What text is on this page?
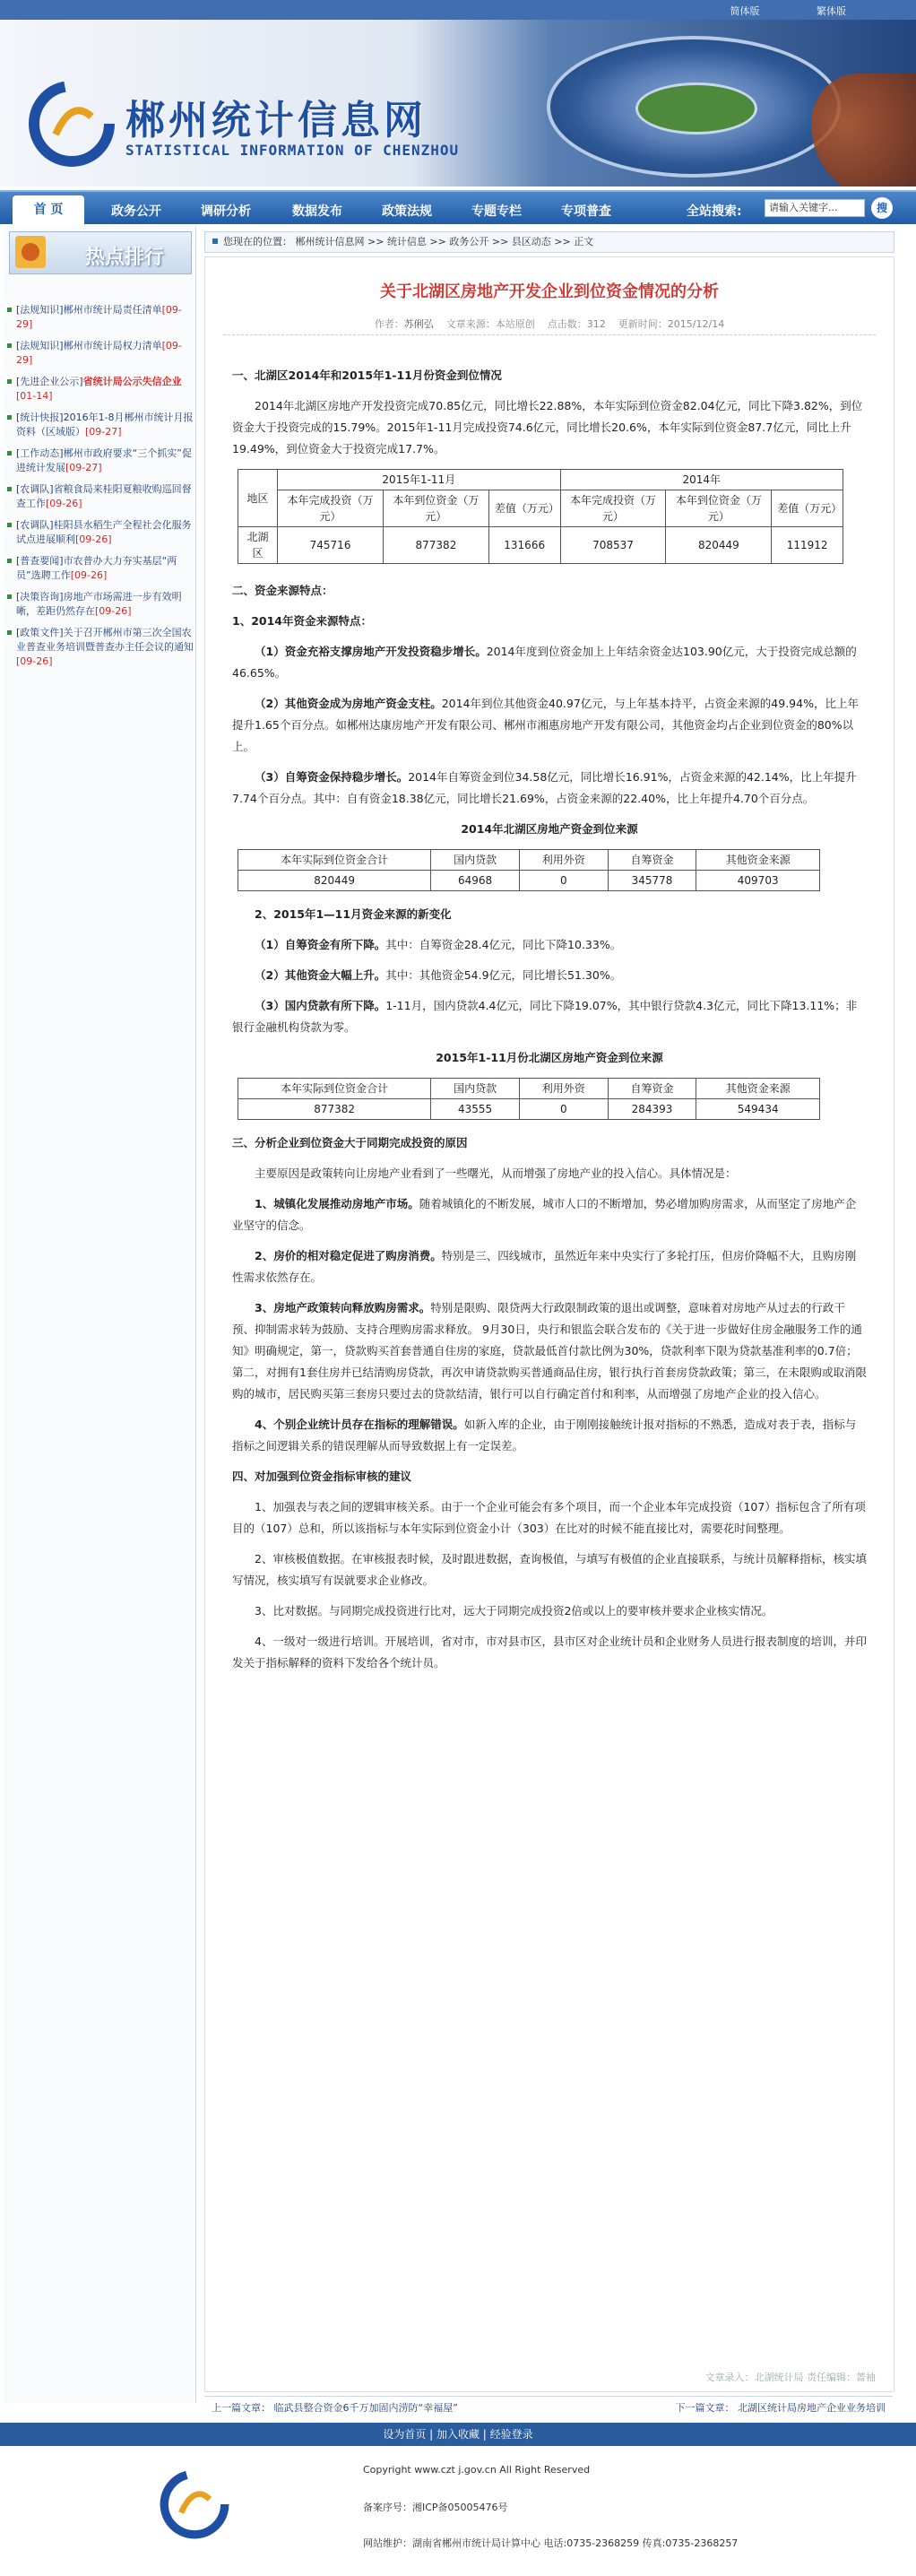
简体版	繁体版
郴州统计信息网
STATISTICAL INFORMATION OF CHENZHOU
首 页	政务公开	调研分析	数据发布	政策法规	专题专栏	专项普查	全站搜索:	请输入关键字...	搜
热点排行
[法规知识]郴州市统计局责任清单[09-29]
[法规知识]郴州市统计局权力清单[09-29]
[先进企业公示]省统计局公示失信企业[01-14]
[统计快报]2016年1-8月郴州市统计月报资料（区域版）[09-27]
[工作动态]郴州市政府要求“三个抓实”促进统计发展[09-27]
[农调队]省粮食局来桂阳夏粮收购巡回督查工作[09-26]
[农调队]桂阳县水稻生产全程社会化服务试点进展顺利[09-26]
[普查要闻]市农普办大力夯实基层“两员”选聘工作[09-26]
[决策咨询]房地产市场需进一步有效明晰，差距仍然存在[09-26]
[政策文件]关于召开郴州市第三次全国农业普查业务培训暨普查办主任会议的通知[09-26]
您现在的位置： 郴州统计信息网 >> 统计信息 >> 政务公开 >> 县区动态 >> 正文
关于北湖区房地产开发企业到位资金情况的分析
作者：苏俐弘 文章来源：本站原创 点击数：312 更新时间：2015/12/14

一、北湖区2014年和2015年1-11月份资金到位情况

2014年北湖区房地产开发投资完成70.85亿元，同比增长22.88%，本年实际到位资金82.04亿元，同比下降3.82%，到位资金大于投资完成的15.79%。2015年1-11月完成投资74.6亿元，同比增长20.6%，本年实际到位资金87.7亿元，同比上升19.49%，到位资金大于投资完成17.7%。

地区	2015年1-11月			2014年		
	本年完成投资（万元）	本年到位资金（万元）	差值（万元）	本年完成投资（万元）	本年到位资金（万元）	差值（万元）
北湖区	745716	877382	131666	708537	820449	111912

二、资金来源特点：

1、2014年资金来源特点：

（1）资金充裕支撑房地产开发投资稳步增长。2014年度到位资金加上上年结余资金达103.90亿元，大于投资完成总额的46.65%。

（2）其他资金成为房地产资金支柱。2014年到位其他资金40.97亿元，与上年基本持平，占资金来源的49.94%，比上年提升1.65个百分点。如郴州达康房地产开发有限公司、郴州市湘惠房地产开发有限公司，其他资金均占企业到位资金的80%以上。

（3）自筹资金保持稳步增长。2014年自筹资金到位34.58亿元，同比增长16.91%，占资金来源的42.14%，比上年提升7.74个百分点。其中：自有资金18.38亿元，同比增长21.69%，占资金来源的22.40%，比上年提升4.70个百分点。

2014年北湖区房地产资金到位来源

本年实际到位资金合计	国内贷款	利用外资	自筹资金	其他资金来源
820449	64968	0	345778	409703

2、2015年1—11月资金来源的新变化

（1）自筹资金有所下降。其中：自筹资金28.4亿元，同比下降10.33%。

（2）其他资金大幅上升。其中：其他资金54.9亿元，同比增长51.30%。

（3）国内贷款有所下降。1-11月，国内贷款4.4亿元，同比下降19.07%，其中银行贷款4.3亿元，同比下降13.11%；非银行金融机构贷款为零。

2015年1-11月份北湖区房地产资金到位来源

本年实际到位资金合计	国内贷款	利用外资	自筹资金	其他资金来源
877382	43555	0	284393	549434

三、分析企业到位资金大于同期完成投资的原因

主要原因是政策转向让房地产业看到了一些曙光，从而增强了房地产业的投入信心。具体情况是：

1、城镇化发展推动房地产市场。随着城镇化的不断发展，城市人口的不断增加，势必增加购房需求，从而坚定了房地产企业坚守的信念。

2、房价的相对稳定促进了购房消费。特别是三、四线城市，虽然近年来中央实行了多轮打压，但房价降幅不大，且购房刚性需求依然存在。

3、房地产政策转向释放购房需求。特别是限购、限贷两大行政限制政策的退出或调整，意味着对房地产从过去的行政干预、抑制需求转为鼓励、支持合理购房需求释放。 9月30日，央行和银监会联合发布的《关于进一步做好住房金融服务工作的通知》明确规定，第一，贷款购买首套普通自住房的家庭，贷款最低首付款比例为30%，贷款利率下限为贷款基准利率的0.7倍；第二，对拥有1套住房并已结清购房贷款，再次申请贷款购买普通商品住房，银行执行首套房贷款政策；第三，在未限购或取消限购的城市，居民购买第三套房只要过去的贷款结清，银行可以自行确定首付和利率，从而增强了房地产企业的投入信心。

4、个别企业统计员存在指标的理解错误。如新入库的企业，由于刚刚接触统计报对指标的不熟悉，造成对表于表，指标与指标之间逻辑关系的错误理解从而导致数据上有一定误差。

四、对加强到位资金指标审核的建议

1、加强表与表之间的逻辑审核关系。由于一个企业可能会有多个项目，而一个企业本年完成投资（107）指标包含了所有项目的（107）总和，所以该指标与本年实际到位资金小计（303）在比对的时候不能直接比对，需要花时间整理。

2、审核极值数据。在审核报表时候，及时跟进数据，查询极值，与填写有极值的企业直接联系，与统计员解释指标，核实填写情况，核实填写有误就要求企业修改。

3、比对数据。与同期完成投资进行比对，远大于同期完成投资2倍或以上的要审核并要求企业核实情况。

4、一级对一级进行培训。开展培训，省对市，市对县市区，县市区对企业统计员和企业财务人员进行报表制度的培训，并印发关于指标解释的资料下发给各个统计员。

文章录入：北湖统计局 责任编辑：蔷袖
上一篇文章： 临武县整合资金6千万加固内涝防“幸福屋”	下一篇文章： 北湖区统计局房地产企业业务培训
设为首页 | 加入收藏 | 经验登录
Copyright www.czt j.gov.cn All Right Reserved
备案序号：湘ICP备05005476号
网站维护：湖南省郴州市统计局计算中心 电话:0735-2368259 传真:0735-2368257
